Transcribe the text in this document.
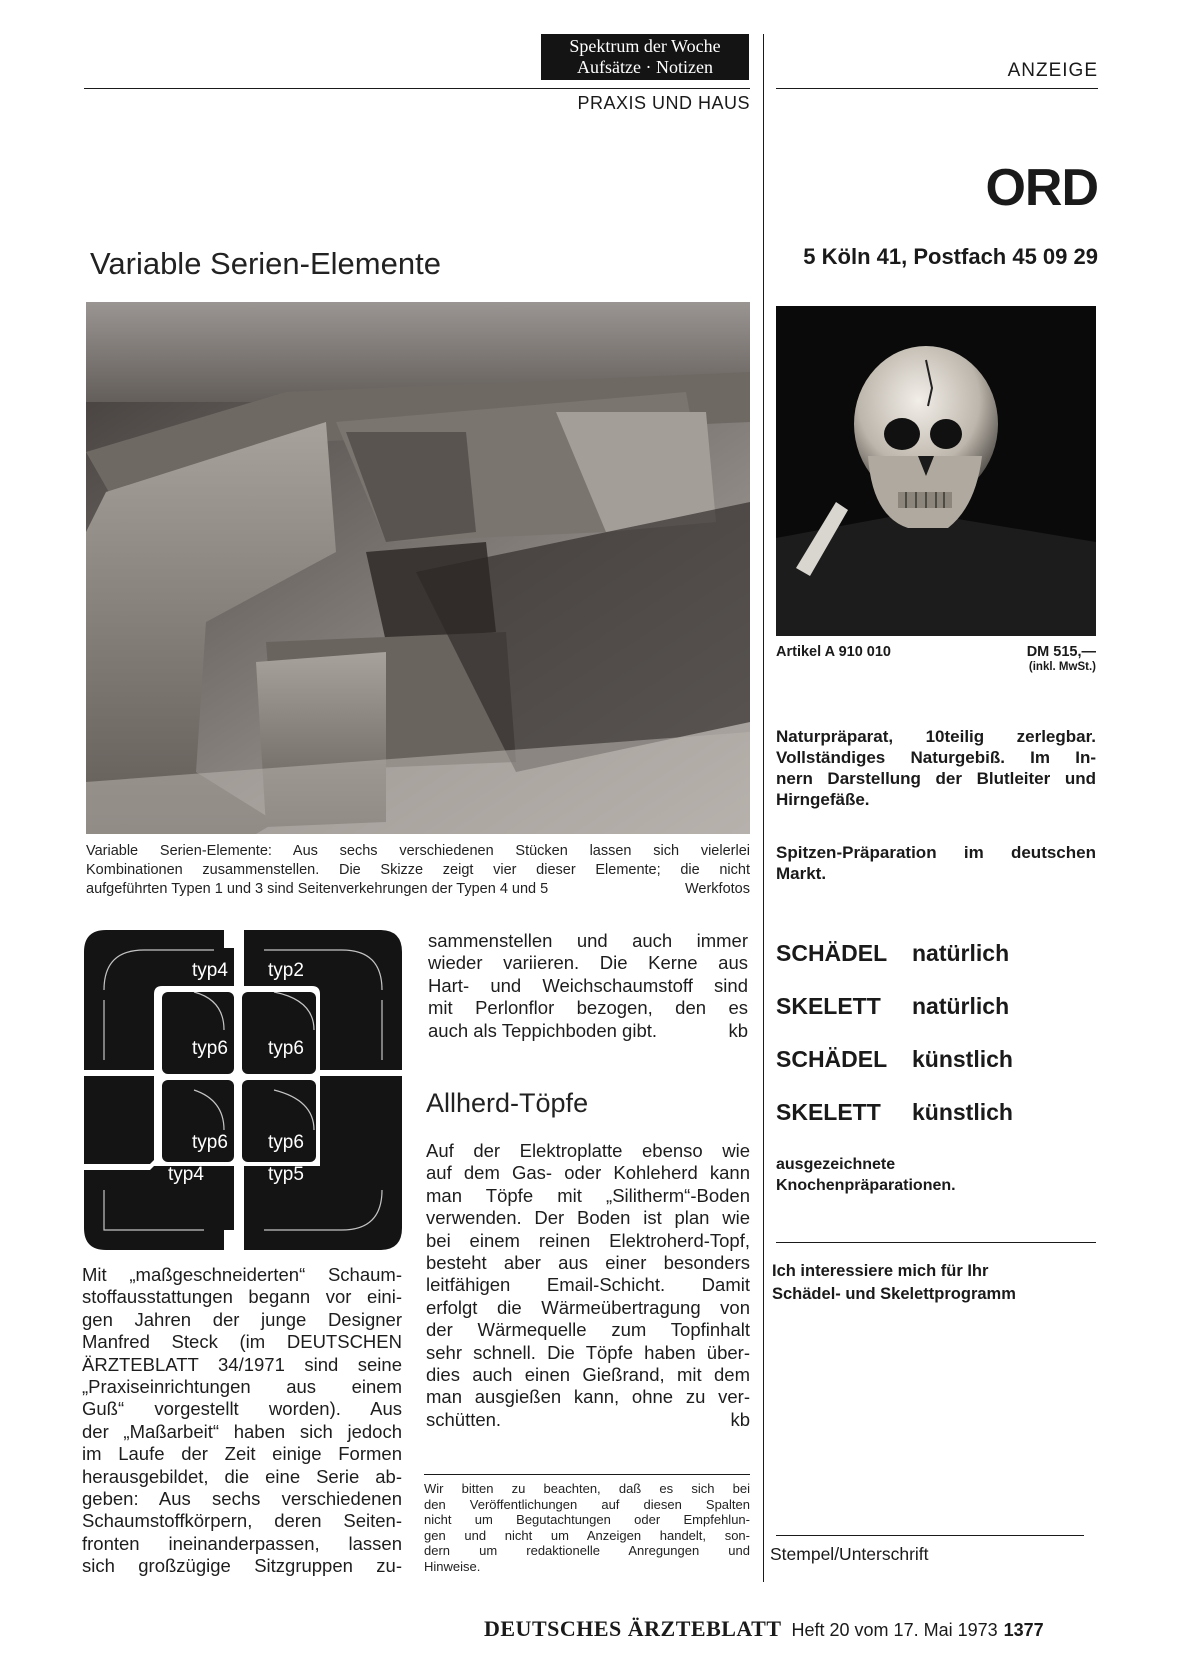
Spektrum der Woche
Aufsätze · Notizen
PRAXIS UND HAUS
Variable Serien-Elemente
Variable Serien-Elemente: Aus sechs verschiedenen Stücken lassen sich vielerlei
Kombinationen zusammenstellen. Die Skizze zeigt vier dieser Elemente; die nicht
aufgeführten Typen 1 und 3 sind Seitenverkehrungen der Typen 4 und 5	Werkfotos
typ4 typ2
typ6 typ6
typ6 typ6
typ4	typ5
Mit „maßgeschneiderten“ Schaum-
stoffausstattungen begann vor eini-
gen Jahren der junge Designer
Manfred Steck (im DEUTSCHEN
ÄRZTEBLATT 34/1971 sind seine
„Praxiseinrichtungen aus einem
Guß“ vorgestellt worden). Aus
der „Maßarbeit“ haben sich jedoch
im Laufe der Zeit einige Formen
herausgebildet, die eine Serie ab-
geben: Aus sechs verschiedenen
Schaumstoffkörpern, deren Seiten-
fronten ineinanderpassen, lassen
sich großzügige Sitzgruppen zu-
sammenstellen und auch immer
wieder variieren. Die Kerne aus
Hart- und Weichschaumstoff sind
mit Perlonflor bezogen, den es
auch als Teppichboden gibt.	kb
Allherd-Töpfe
Auf der Elektroplatte ebenso wie
auf dem Gas- oder Kohleherd kann
man Töpfe mit „Silitherm“-Boden
verwenden. Der Boden ist plan wie
bei einem reinen Elektroherd-Topf,
besteht aber aus einer besonders
leitfähigen Email-Schicht. Damit
erfolgt die Wärmeübertragung von
der Wärmequelle zum Topfinhalt
sehr schnell. Die Töpfe haben über-
dies auch einen Gießrand, mit dem
man ausgießen kann, ohne zu ver-
schütten.	kb
Wir bitten zu beachten, daß es sich bei
den Veröffentlichungen auf diesen Spalten
nicht um Begutachtungen oder Empfehlun-
gen und nicht um Anzeigen handelt, son-
dern um redaktionelle Anregungen und
Hinweise.
ANZEIGE
ORD
5 Köln 41, Postfach 45 09 29
Artikel A 910 010	DM 515,—
(inkl. MwSt.)
Naturpräparat, 10teilig zerlegbar.
Vollständiges Naturgebiß. Im In-
nern Darstellung der Blutleiter und
Hirngefäße.
Spitzen-Präparation im deutschen
Markt.
SCHÄDEL natürlich
SKELETT natürlich
SCHÄDEL künstlich
SKELETT künstlich
ausgezeichnete
Knochenpräparationen.
Ich interessiere mich für Ihr
Schädel- und Skelettprogramm
Stempel/Unterschrift
DEUTSCHES ÄRZTEBLATT Heft 20 vom 17. Mai 1973 1377
